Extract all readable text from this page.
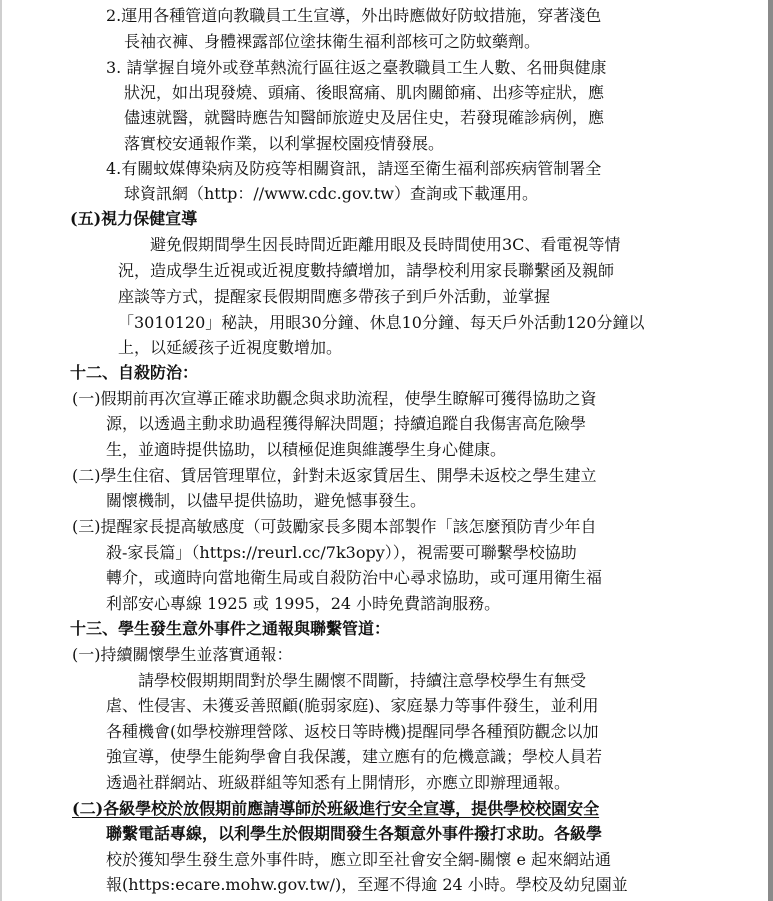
2.運用各種管道向教職員工生宣導，外出時應做好防蚊措施，穿著淺色
長袖衣褲、身體裸露部位塗抹衛生福利部核可之防蚊藥劑。
3. 請掌握自境外或登革熱流行區往返之臺教職員工生人數、名冊與健康
狀況，如出現發燒、頭痛、後眼窩痛、肌肉關節痛、出疹等症狀，應
儘速就醫，就醫時應告知醫師旅遊史及居住史，若發現確診病例，應
落實校安通報作業，以利掌握校園疫情發展。
4.有關蚊媒傳染病及防疫等相關資訊，請逕至衛生福利部疾病管制署全
球資訊網（http：//www.cdc.gov.tw）查詢或下載運用。
(五)視力保健宣導
避免假期間學生因長時間近距離用眼及長時間使用3C、看電視等情
況，造成學生近視或近視度數持續增加，請學校利用家長聯繫函及親師
座談等方式，提醒家長假期間應多帶孩子到戶外活動，並掌握
「3010120」秘訣，用眼30分鐘、休息10分鐘、每天戶外活動120分鐘以
上，以延緩孩子近視度數增加。
十二、自殺防治：
(一)假期前再次宣導正確求助觀念與求助流程，使學生瞭解可獲得協助之資
源，以透過主動求助過程獲得解決問題；持續追蹤自我傷害高危險學
生，並適時提供協助，以積極促進與維護學生身心健康。
(二)學生住宿、賃居管理單位，針對未返家賃居生、開學未返校之學生建立
關懷機制，以儘早提供協助，避免憾事發生。
(三)提醒家長提高敏感度（可鼓勵家長多閱本部製作「該怎麼預防青少年自
殺-家長篇」（https://reurl.cc/7k3opy）），視需要可聯繫學校協助
轉介，或適時向當地衛生局或自殺防治中心尋求協助，或可運用衛生福
利部安心專線 1925 或 1995，24 小時免費諮詢服務。
十三、學生發生意外事件之通報與聯繫管道：
(一)持續關懷學生並落實通報：
請學校假期期間對於學生關懷不間斷，持續注意學校學生有無受
虐、性侵害、未獲妥善照顧(脆弱家庭)、家庭暴力等事件發生，並利用
各種機會(如學校辦理營隊、返校日等時機)提醒同學各種預防觀念以加
強宣導，使學生能夠學會自我保護，建立應有的危機意識；學校人員若
透過社群網站、班級群組等知悉有上開情形，亦應立即辦理通報。
(二)各級學校於放假期前應請導師於班級進行安全宣導，提供學校校園安全
聯繫電話專線，以利學生於假期間發生各類意外事件撥打求助。各級學
校於獲知學生發生意外事件時，應立即至社會安全網-關懷 e 起來網站通
報(https:ecare.mohw.gov.tw/)，至遲不得逾 24 小時。學校及幼兒園並
